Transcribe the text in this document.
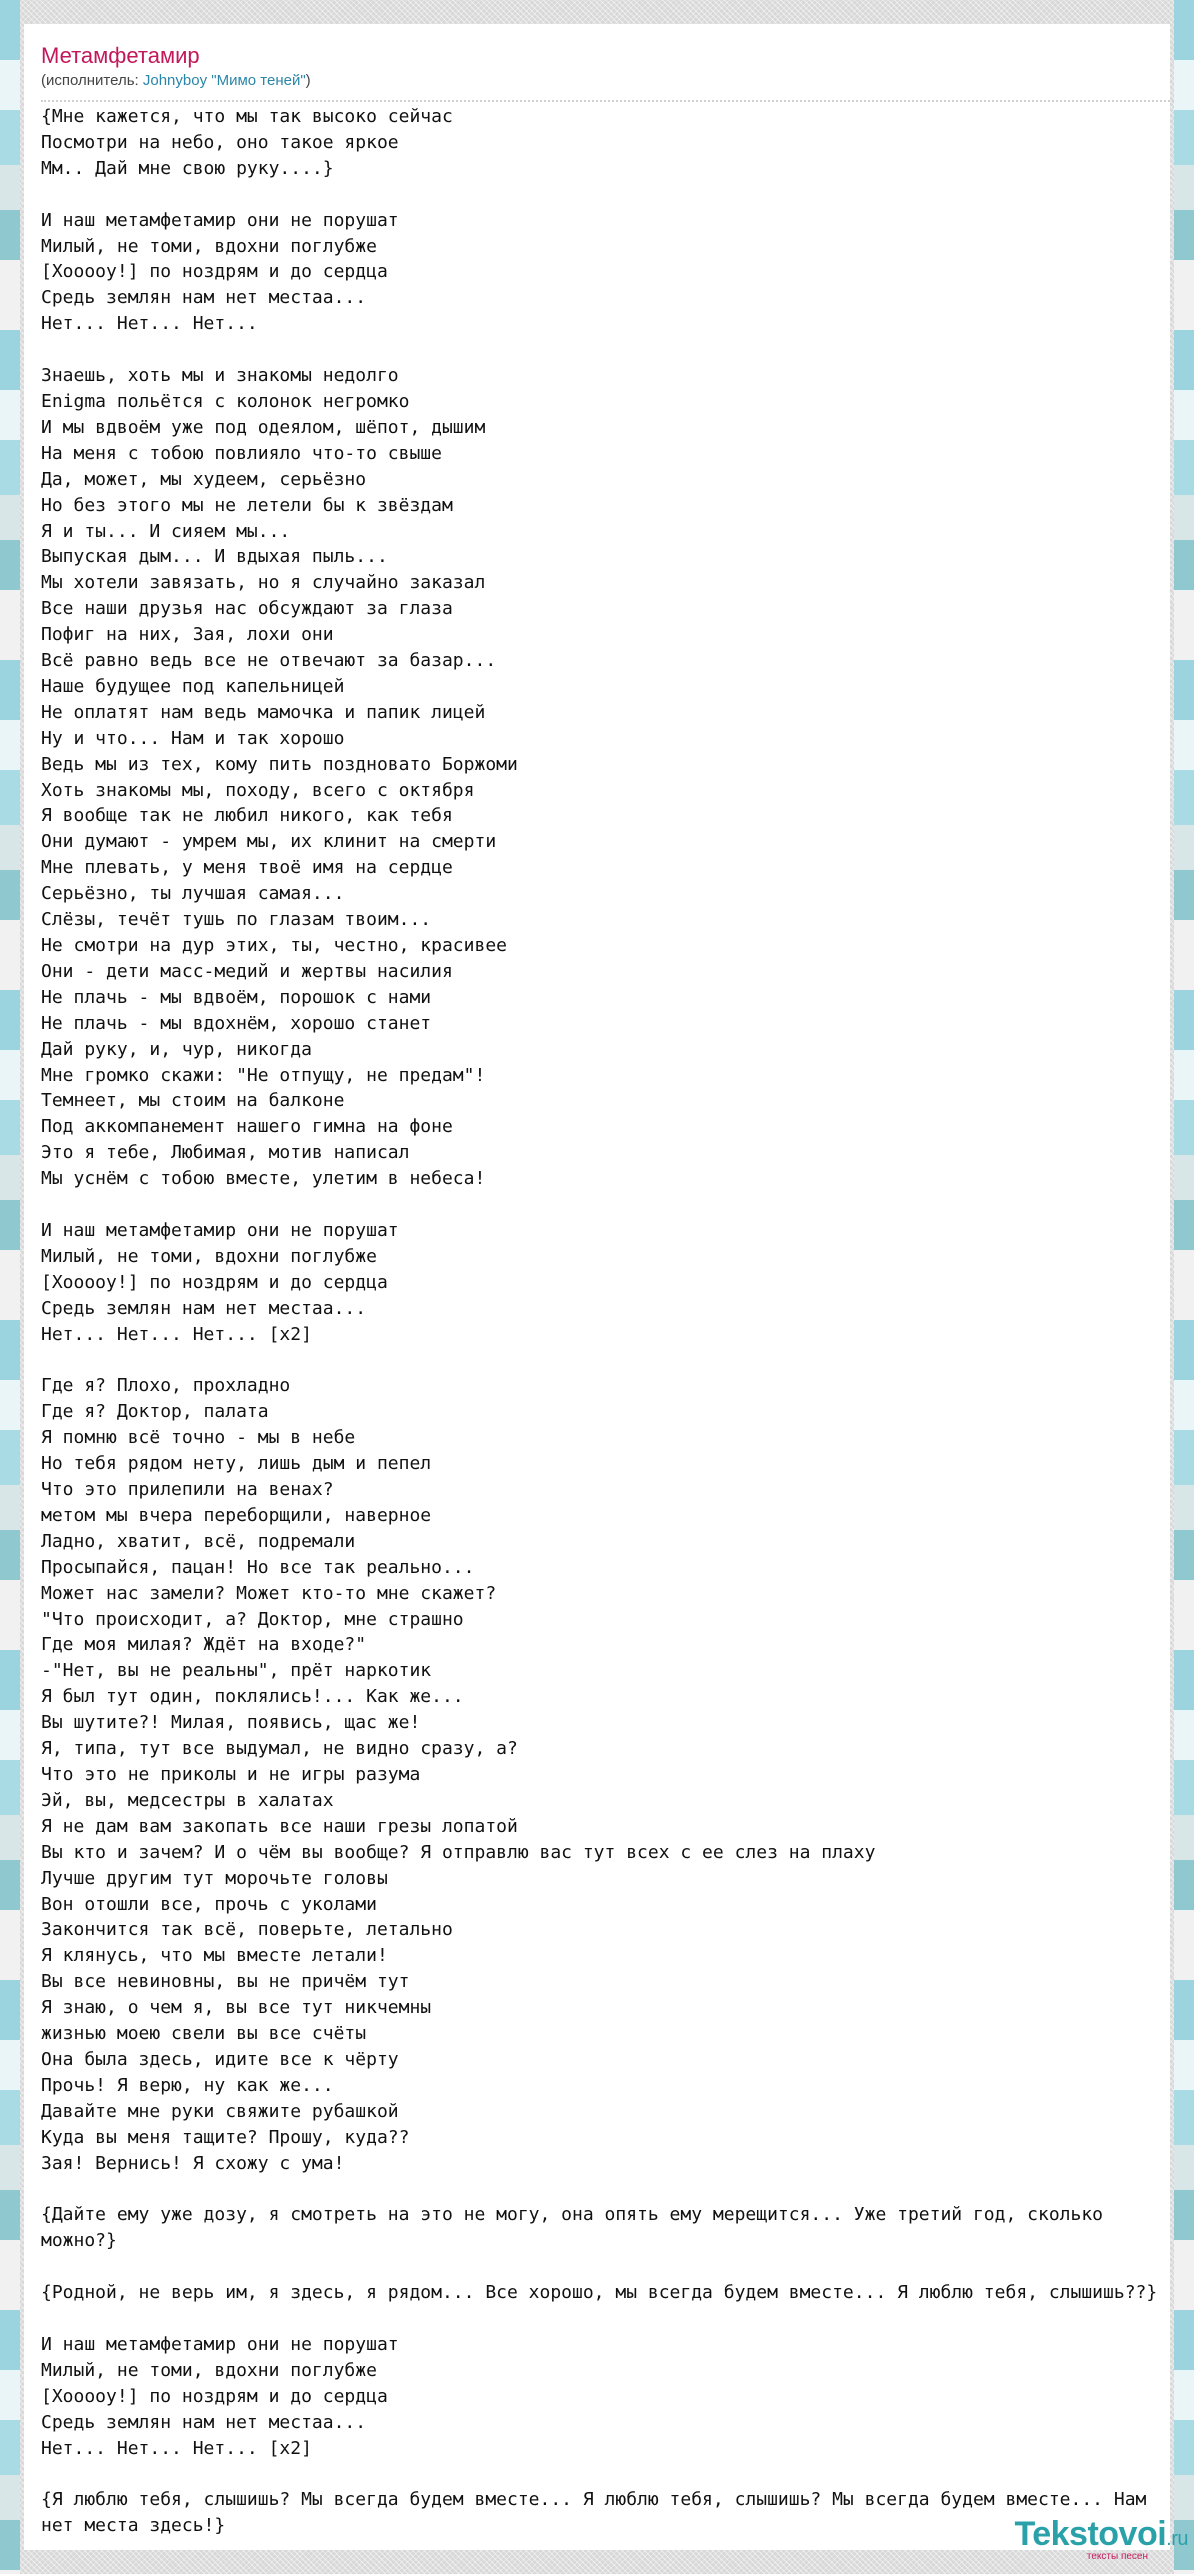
Метамфетамир
(исполнитель: Johnyboy "Мимо теней")
{Мне кажется, что мы так высоко сейчас
Посмотри на небо, оно такое яркое
Мм.. Дай мне свою руку....}

И наш метамфетамир они не порушат
Милый, не томи, вдохни поглубже
[Хооооу!] по ноздрям и до сердца
Средь землян нам нет местаа...
Нет... Нет... Нет...

Знаешь, хоть мы и знакомы недолго
Enigma польётся с колонок негромко
И мы вдвоём уже под одеялом, шёпот, дышим
На меня с тобою повлияло что-то свыше
Да, может, мы худеем, серьёзно
Но без этого мы не летели бы к звёздам
Я и ты... И сияем мы...
Выпуская дым... И вдыхая пыль...
Мы хотели завязать, но я случайно заказал
Все наши друзья нас обсуждают за глаза
Пофиг на них, Зая, лохи они
Всё равно ведь все не отвечают за базар...
Наше будущее под капельницей
Не оплатят нам ведь мамочка и папик лицей
Ну и что... Нам и так хорошо
Ведь мы из тех, кому пить поздновато Боржоми
Хоть знакомы мы, походу, всего с октября
Я вообще так не любил никого, как тебя
Они думают - умрем мы, их клинит на смерти
Мне плевать, у меня твоё имя на сердце
Серьёзно, ты лучшая самая...
Слёзы, течёт тушь по глазам твоим...
Не смотри на дур этих, ты, честно, красивее
Они - дети масс-медий и жертвы насилия
Не плачь - мы вдвоём, порошок с нами
Не плачь - мы вдохнём, хорошо станет
Дай руку, и, чур, никогда
Мне громко скажи: "Не отпущу, не предам"!
Темнеет, мы стоим на балконе
Под аккомпанемент нашего гимна на фоне
Это я тебе, Любимая, мотив написал
Мы уснём с тобою вместе, улетим в небеса!

И наш метамфетамир они не порушат
Милый, не томи, вдохни поглубже
[Хооооу!] по ноздрям и до сердца
Средь землян нам нет местаа...
Нет... Нет... Нет... [x2]

Где я? Плохо, прохладно
Где я? Доктор, палата
Я помню всё точно - мы в небе
Но тебя рядом нету, лишь дым и пепел
Что это прилепили на венах?
метом мы вчера переборщили, наверное
Ладно, хватит, всё, подремали
Просыпайся, пацан! Но все так реально...
Может нас замели? Может кто-то мне скажет?
"Что происходит, а? Доктор, мне страшно
Где моя милая? Ждёт на входе?"
-"Нет, вы не реальны", прёт наркотик
Я был тут один, поклялись!... Как же...
Вы шутите?! Милая, появись, щас же!
Я, типа, тут все выдумал, не видно сразу, а?
Что это не приколы и не игры разума
Эй, вы, медсестры в халатах
Я не дам вам закопать все наши грезы лопатой
Вы кто и зачем? И о чём вы вообще? Я отправлю вас тут всех с ее слез на плаху
Лучше другим тут морочьте головы
Вон отошли все, прочь с уколами
Закончится так всё, поверьте, летально
Я клянусь, что мы вместе летали!
Вы все невиновны, вы не причём тут
Я знаю, о чем я, вы все тут никчемны
жизнью моею свели вы все счёты
Она была здесь, идите все к чёрту
Прочь! Я верю, ну как же...
Давайте мне руки свяжите рубашкой
Куда вы меня тащите? Прошу, куда??
Зая! Вернись! Я схожу с ума!

{Дайте ему уже дозу, я смотреть на это не могу, она опять ему мерещится... Уже третий год, сколько можно?}

{Родной, не верь им, я здесь, я рядом... Все хорошо, мы всегда будем вместе... Я люблю тебя, слышишь??}

И наш метамфетамир они не порушат
Милый, не томи, вдохни поглубже
[Хооооу!] по ноздрям и до сердца
Средь землян нам нет местаа...
Нет... Нет... Нет... [x2]

{Я люблю тебя, слышишь? Мы всегда будем вместе... Я люблю тебя, слышишь? Мы всегда будем вместе... Нам нет места здесь!}	Tekstovoi.ru
тексты песен
